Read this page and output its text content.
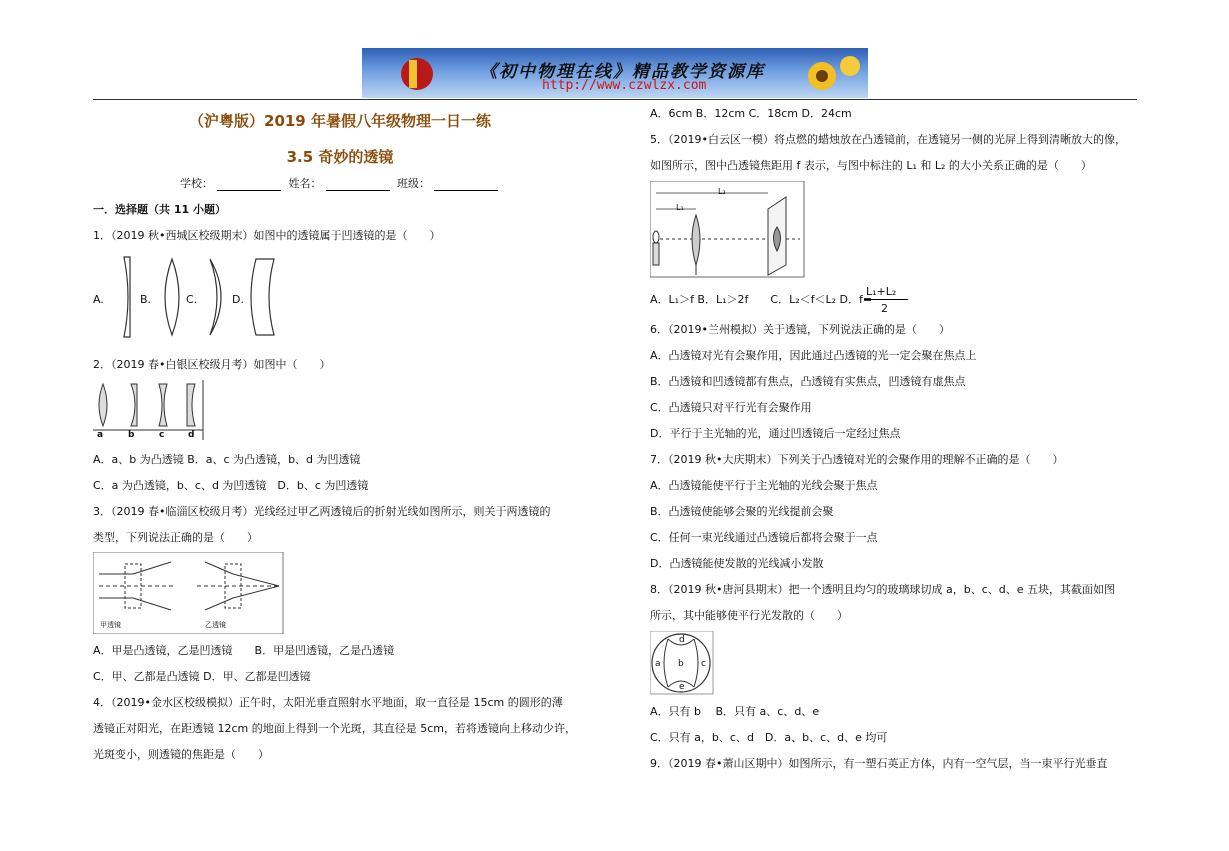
《初中物理在线》精品教学资源库
http://www.czwlzx.com
（沪粤版）2019 年暑假八年级物理一日一练
3.5 奇妙的透镜
学校：	姓名：	班级：
一．选择题（共 11 小题）
1．（2019 秋•西城区校级期末）如图中的透镜属于凹透镜的是（　　）
A.	B.	C.	D.
2．（2019 春•白银区校级月考）如图中（　　）
a	b	c	d
A．a、b 为凸透镜 B．a、c 为凸透镜，b、d 为凹透镜
C．a 为凸透镜，b、c、d 为凹透镜　D．b、c 为凹透镜
3．（2019 春•临淄区校级月考）光线经过甲乙两透镜后的折射光线如图所示，则关于两透镜的
类型，下列说法正确的是（　　）
甲透镜	乙透镜
A．甲是凸透镜，乙是凹透镜　　B．甲是凹透镜，乙是凸透镜
C．甲、乙都是凸透镜 D．甲、乙都是凹透镜
4．（2019•金水区校级模拟）正午时，太阳光垂直照射水平地面，取一直径是 15cm 的圆形的薄
透镜正对阳光，在距透镜 12cm 的地面上得到一个光斑，其直径是 5cm，若将透镜向上移动少许，
光斑变小，则透镜的焦距是（　　）
A．6cm B．12cm C．18cm D．24cm
5．（2019•白云区一模）将点燃的蜡烛放在凸透镜前，在透镜另一侧的光屏上得到清晰放大的像，
如图所示，图中凸透镜焦距用 f 表示，与图中标注的 L₁ 和 L₂ 的大小关系正确的是（　　）
L₁
L₂
A．L₁＞f B．L₁＞2f　　C．L₂＜f＜L₂ D．f=
L₁+L₂
2
6．（2019•兰州模拟）关于透镜，下列说法正确的是（　　）
A．凸透镜对光有会聚作用，因此通过凸透镜的光一定会聚在焦点上
B．凸透镜和凹透镜都有焦点，凸透镜有实焦点，凹透镜有虚焦点
C．凸透镜只对平行光有会聚作用
D．平行于主光轴的光，通过凹透镜后一定经过焦点
7．（2019 秋•大庆期末）下列关于凸透镜对光的会聚作用的理解不正确的是（　　）
A．凸透镜能使平行于主光轴的光线会聚于焦点
B．凸透镜使能够会聚的光线提前会聚
C．任何一束光线通过凸透镜后都将会聚于一点
D．凸透镜能使发散的光线减小发散
8．（2019 秋•唐河县期末）把一个透明且均匀的玻璃球切成 a，b、c、d、e 五块，其截面如图
所示，其中能够使平行光发散的（　　）
a b c
d
e
A．只有 b　 B．只有 a、c、d、e
C．只有 a，b、c、d　D．a、b、c、d、e 均可
9．（2019 春•萧山区期中）如图所示，有一塑石英正方体，内有一空气层，当一束平行光垂直
